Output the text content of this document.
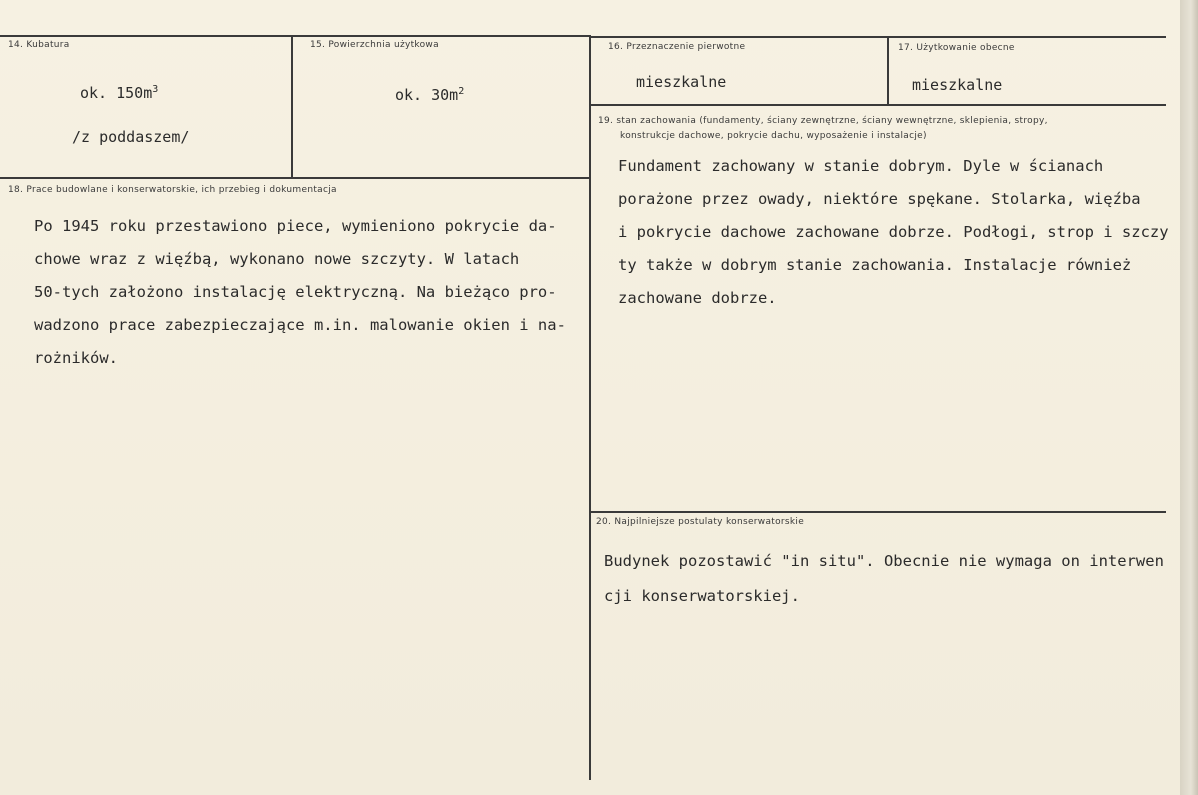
14. Kubatura
ok. $150m^3$
/z poddaszem/
15. Powierzchnia użytkowa
ok. $30m^2$
16. Przeznaczenie pierwotne
mieszkalne
17. Użytkowanie obecne
mieszkalne
18. Prace budowlane i konserwatorskie, ich przebieg i dokumentacja
Po 1945 roku przestawiono piece, wymieniono pokrycie da-
chowe wraz z więźbą, wykonano nowe szczyty. W latach
50-tych założono instalację elektryczną. Na bieżąco pro-
wadzono prace zabezpieczające m.in. malowanie okien i na-
rożników.
19. stan zachowania (fundamenty, ściany zewnętrzne, ściany wewnętrzne, sklepienia, stropy,
konstrukcje dachowe, pokrycie dachu, wyposażenie i instalacje)
Fundament zachowany w stanie dobrym. Dyle w ścianach
porażone przez owady, niektóre spękane. Stolarka, więźba
i pokrycie dachowe zachowane dobrze. Podłogi, strop i szczy
ty także w dobrym stanie zachowania. Instalacje również
zachowane dobrze.
20. Najpilniejsze postulaty konserwatorskie
Budynek pozostawić "in situ". Obecnie nie wymaga on interwen
cji konserwatorskiej.
